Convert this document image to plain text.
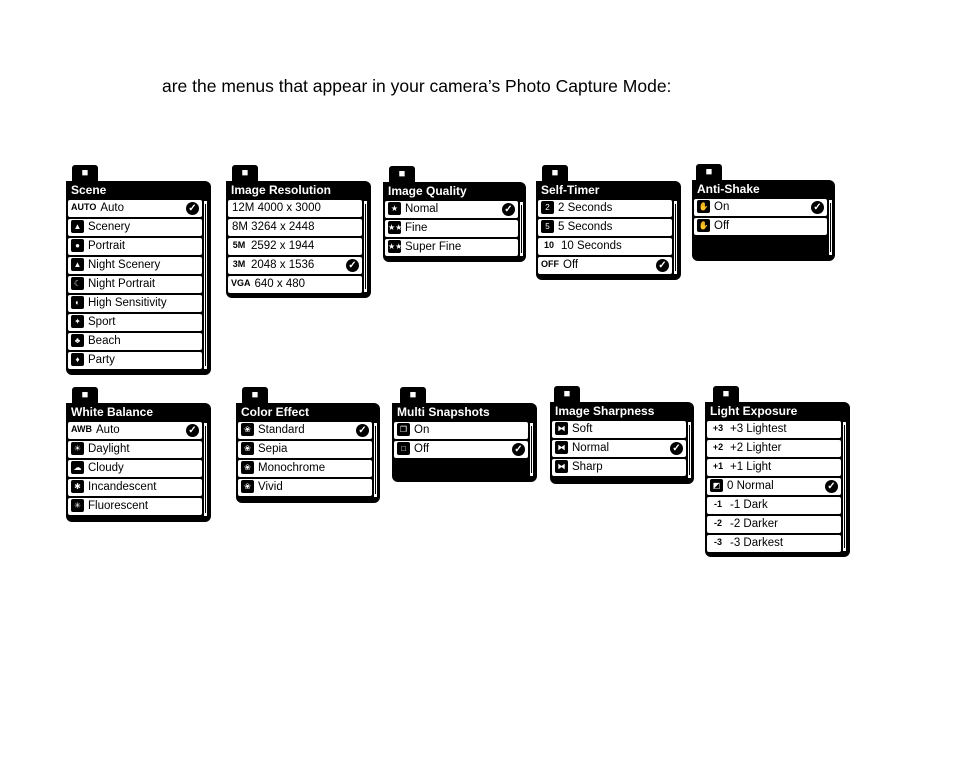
are the menus that appear in your camera’s Photo Capture Mode:
■
Scene
AUTO Auto	✓
▲ Scenery
● Portrait
▲ Night Scenery
☾ Night Portrait
◐ High Sensitivity
✦ Sport
♣ Beach
♦ Party
■
Image Resolution
12M 4000 x 3000
8M 3264 x 2448
5M 2592 x 1944
3M 2048 x 1536	✓
VGA 640 x 480
■
Image Quality
★ Nomal	✓
★★ Fine
★★★Super Fine
■
Self-Timer
2 2 Seconds
5 5 Seconds
10 10 Seconds
OFF Off	✓
■
Anti-Shake
✋ On	✓
✋ Off
■
White Balance
AWB Auto	✓
☀ Daylight
☁ Cloudy
✱ Incandescent
✳ Fluorescent
■
Color Effect
❀ Standard	✓
❀ Sepia
❀ Monochrome
❀ Vivid
■
Multi Snapshots
❐ On
□ Off	✓
■
Image Sharpness
⧓ Soft
⧓ Normal	✓
⧓ Sharp
■
Light Exposure
+3 +3 Lightest
+2 +2 Lighter
+1 +1 Light
◩ 0 Normal	✓
-1 -1 Dark
-2 -2 Darker
-3 -3 Darkest
